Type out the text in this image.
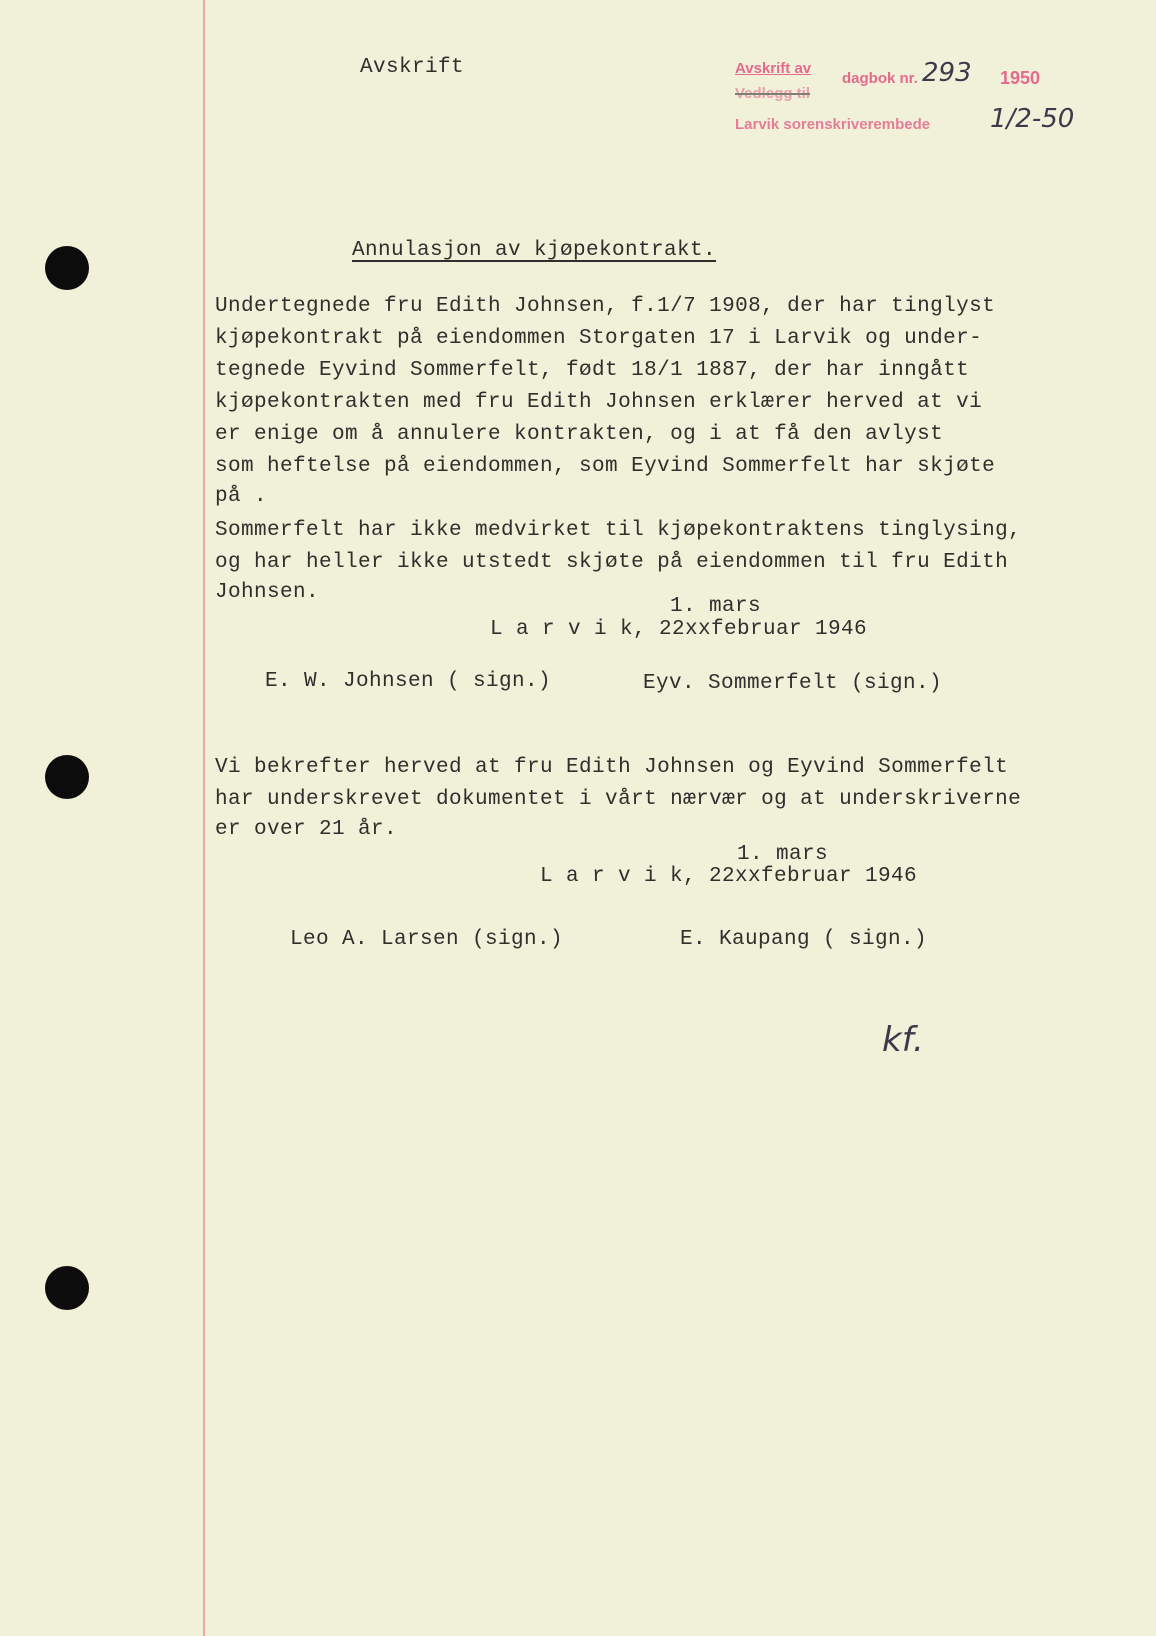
Avskrift av
Vedlegg til
dagbok nr. 293 1950
Larvik sorenskriverembede 1/2-50
Avskrift
Annulasjon av kjøpekontrakt.
Undertegnede fru Edith Johnsen, f.1/7 1908, der har tinglyst
kjøpekontrakt på eiendommen Storgaten 17 i Larvik og under-
tegnede Eyvind Sommerfelt, født 18/1 1887, der har inngått
kjøpekontrakten med fru Edith Johnsen erklærer herved at vi
er enige om å annulere kontrakten, og i at få den avlyst
som heftelse på eiendommen, som Eyvind Sommerfelt har skjøte
på .
Sommerfelt har ikke medvirket til kjøpekontraktens tinglysing,
og har heller ikke utstedt skjøte på eiendommen til fru Edith
Johnsen.
1. mars
L a r v i k, 22xxfebruar 1946
E. W. Johnsen ( sign.)	Eyv. Sommerfelt (sign.)
Vi bekrefter herved at fru Edith Johnsen og Eyvind Sommerfelt
har underskrevet dokumentet i vårt nærvær og at underskriverne
er over 21 år.
1. mars
L a r v i k, 22xxfebruar 1946
Leo A. Larsen (sign.)	E. Kaupang ( sign.)
kf.
